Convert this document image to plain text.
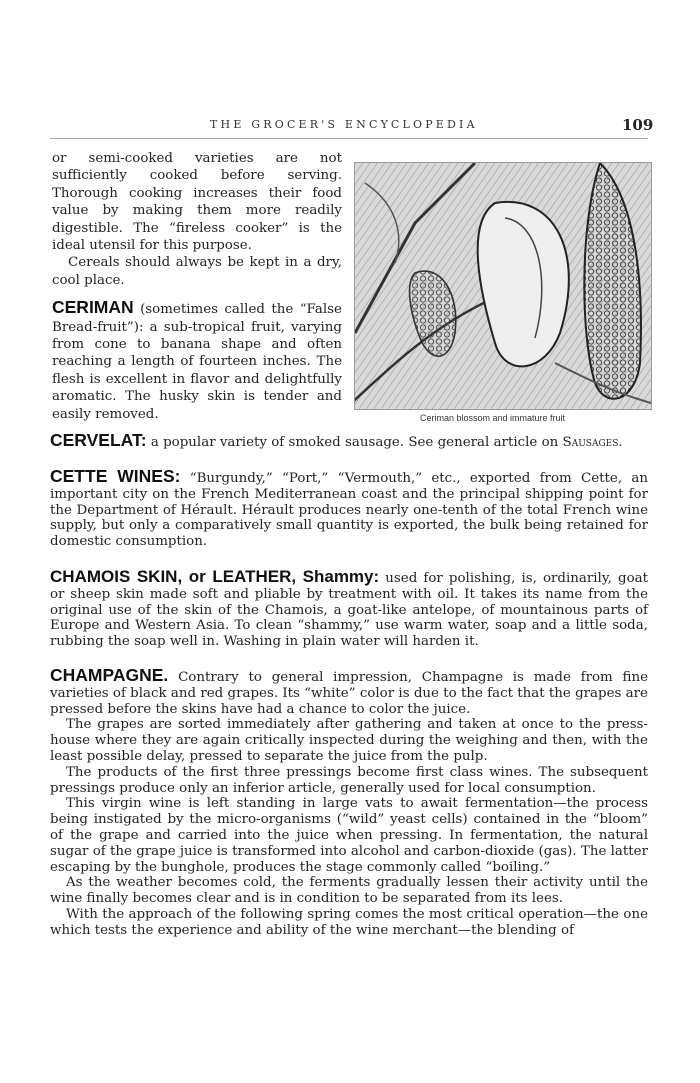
THE GROCER'S ENCYCLOPEDIA	109

or semi-cooked varieties are not sufficiently cooked before serving. Thorough cooking increases their food value by making them more readily digestible. The “fireless cooker” is the ideal utensil for this purpose.

Cereals should always be kept in a dry, cool place.

CERIMAN (sometimes called the “False Bread-fruit”): a sub-tropical fruit, varying from cone to banana shape and often reaching a length of fourteen inches. The flesh is excellent in flavor and delightfully aromatic. The husky skin is tender and easily removed.	Ceriman blossom and immature fruit

CERVELAT: a popular variety of smoked sausage. See general article on Sausages.

CETTE WINES: “Burgundy,” “Port,” “Vermouth,” etc., exported from Cette, an important city on the French Mediterranean coast and the principal shipping point for the Department of Hérault. Hérault produces nearly one-tenth of the total French wine supply, but only a comparatively small quantity is exported, the bulk being retained for domestic consumption.

CHAMOIS SKIN, or LEATHER, Shammy: used for polishing, is, ordinarily, goat or sheep skin made soft and pliable by treatment with oil. It takes its name from the original use of the skin of the Chamois, a goat-like antelope, of mountainous parts of Europe and Western Asia. To clean “shammy,” use warm water, soap and a little soda, rubbing the soap well in. Washing in plain water will harden it.

CHAMPAGNE. Contrary to general impression, Champagne is made from fine varieties of black and red grapes. Its “white” color is due to the fact that the grapes are pressed before the skins have had a chance to color the juice.

The grapes are sorted immediately after gathering and taken at once to the press-house where they are again critically inspected during the weighing and then, with the least possible delay, pressed to separate the juice from the pulp.

The products of the first three pressings become first class wines. The subsequent pressings produce only an inferior article, generally used for local consumption.

This virgin wine is left standing in large vats to await fermentation—the process being instigated by the micro-organisms (“wild” yeast cells) contained in the “bloom” of the grape and carried into the juice when pressing. In fermentation, the natural sugar of the grape juice is transformed into alcohol and carbon-dioxide (gas). The latter escaping by the bunghole, produces the stage commonly called “boiling.”

As the weather becomes cold, the ferments gradually lessen their activity until the wine finally becomes clear and is in condition to be separated from its lees.

With the approach of the following spring comes the most critical operation—the one which tests the experience and ability of the wine merchant—the blending of
